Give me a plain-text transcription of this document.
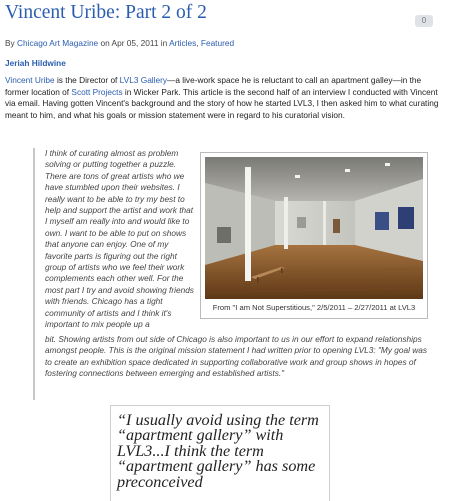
Vincent Uribe: Part 2 of 2	0
By Chicago Art Magazine on Apr 05, 2011 in Articles, Featured
Jeriah Hildwine

Vincent Uribe is the Director of LVL3 Gallery—a live-work space he is reluctant to call an apartment galley—in the former location of Scott Projects in Wicker Park. This article is the second half of an interview I conducted with Vincent via email. Having gotten Vincent's background and the story of how he started LVL3, I then asked him to what curating meant to him, and what his goals or mission statement were in regard to his curatorial vision.

I think of curating almost as problem solving or putting together a puzzle. There are tons of great artists who we have stumbled upon their websites. I really want to be able to try my best to help and support the artist and work that I myself am really into and would like to own. I want to be able to put on shows that anyone can enjoy. One of my favorite parts is figuring out the right group of artists who we feel their work complements each other well. For the most part I try and avoid showing friends with friends. Chicago has a tight community of artists and I think it's important to mix people up a

bit. Showing artists from out side of Chicago is also important to us in our effort to expand relationships amongst people. This is the original mission statement I had written prior to opening LVL3: "My goal was to create an exhibition space dedicated in supporting collaborative work and group shows in hopes of fostering connections between emerging and established artists."

From "I am Not Superstitious," 2/5/2011 – 2/27/2011 at LVL3

“I usually avoid using the term “apartment gallery” with LVL3...I think the term “apartment gallery” has some preconceived
